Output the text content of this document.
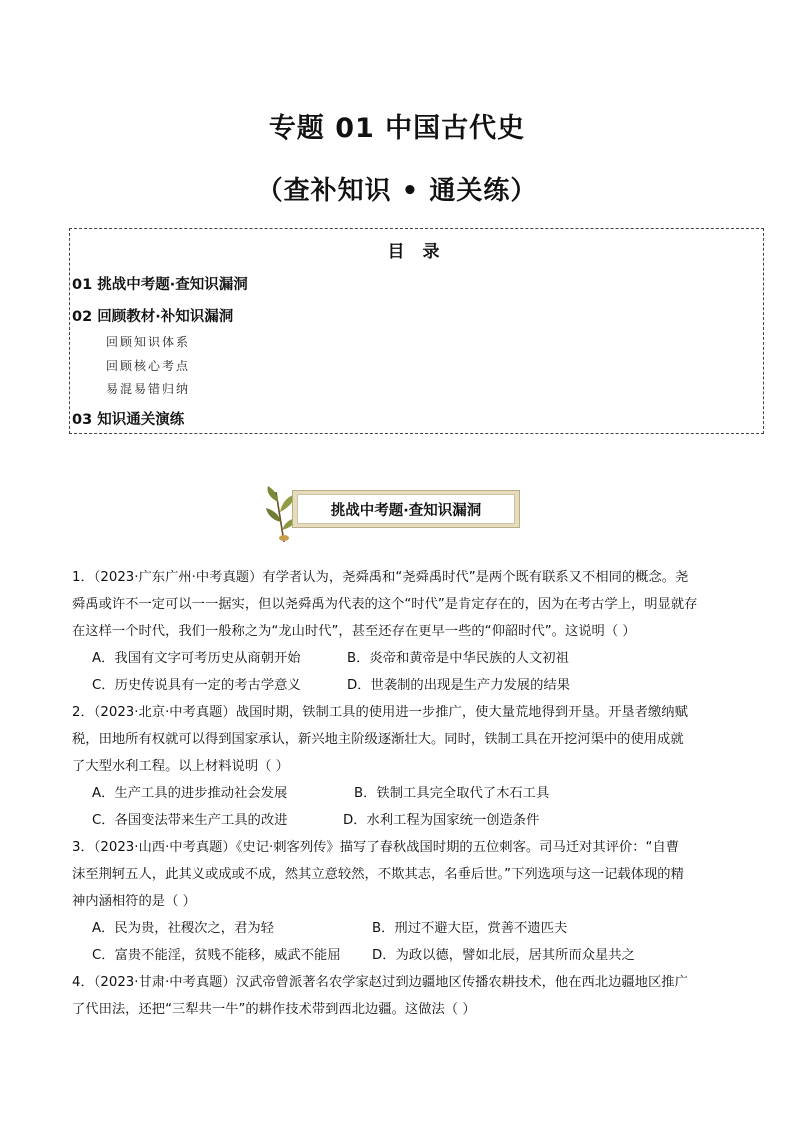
专题 01 中国古代史
（查补知识 • 通关练）
目 录
01 挑战中考题·查知识漏洞
02 回顾教材·补知识漏洞
回顾知识体系
回顾核心考点
易混易错归纳
03 知识通关演练
挑战中考题·查知识漏洞
1．（2023·广东广州·中考真题）有学者认为，尧舜禹和“尧舜禹时代”是两个既有联系又不相同的概念。尧
舜禹或许不一定可以一一据实，但以尧舜禹为代表的这个“时代”是肯定存在的，因为在考古学上，明显就存
在这样一个时代，我们一般称之为“龙山时代”，甚至还存在更早一些的“仰韶时代”。这说明（ ）
A．我国有文字可考历史从商朝开始	B．炎帝和黄帝是中华民族的人文初祖
C．历史传说具有一定的考古学意义	D．世袭制的出现是生产力发展的结果
2．（2023·北京·中考真题）战国时期，铁制工具的使用进一步推广，使大量荒地得到开垦。开垦者缴纳赋
税，田地所有权就可以得到国家承认，新兴地主阶级逐渐壮大。同时，铁制工具在开挖河渠中的使用成就
了大型水利工程。以上材料说明（ ）
A．生产工具的进步推动社会发展	B．铁制工具完全取代了木石工具
C．各国变法带来生产工具的改进	D．水利工程为国家统一创造条件
3．（2023·山西·中考真题）《史记·刺客列传》描写了春秋战国时期的五位刺客。司马迁对其评价：“自曹
沫至荆轲五人，此其义或成或不成，然其立意较然，不欺其志，名垂后世。”下列选项与这一记载体现的精
神内涵相符的是（ ）
A．民为贵，社稷次之，君为轻	B．刑过不避大臣，赏善不遗匹夫
C．富贵不能淫，贫贱不能移，威武不能屈 D．为政以德，譬如北辰，居其所而众星共之
4．（2023·甘肃·中考真题）汉武帝曾派著名农学家赵过到边疆地区传播农耕技术，他在西北边疆地区推广
了代田法，还把“三犁共一牛”的耕作技术带到西北边疆。这做法（ ）
